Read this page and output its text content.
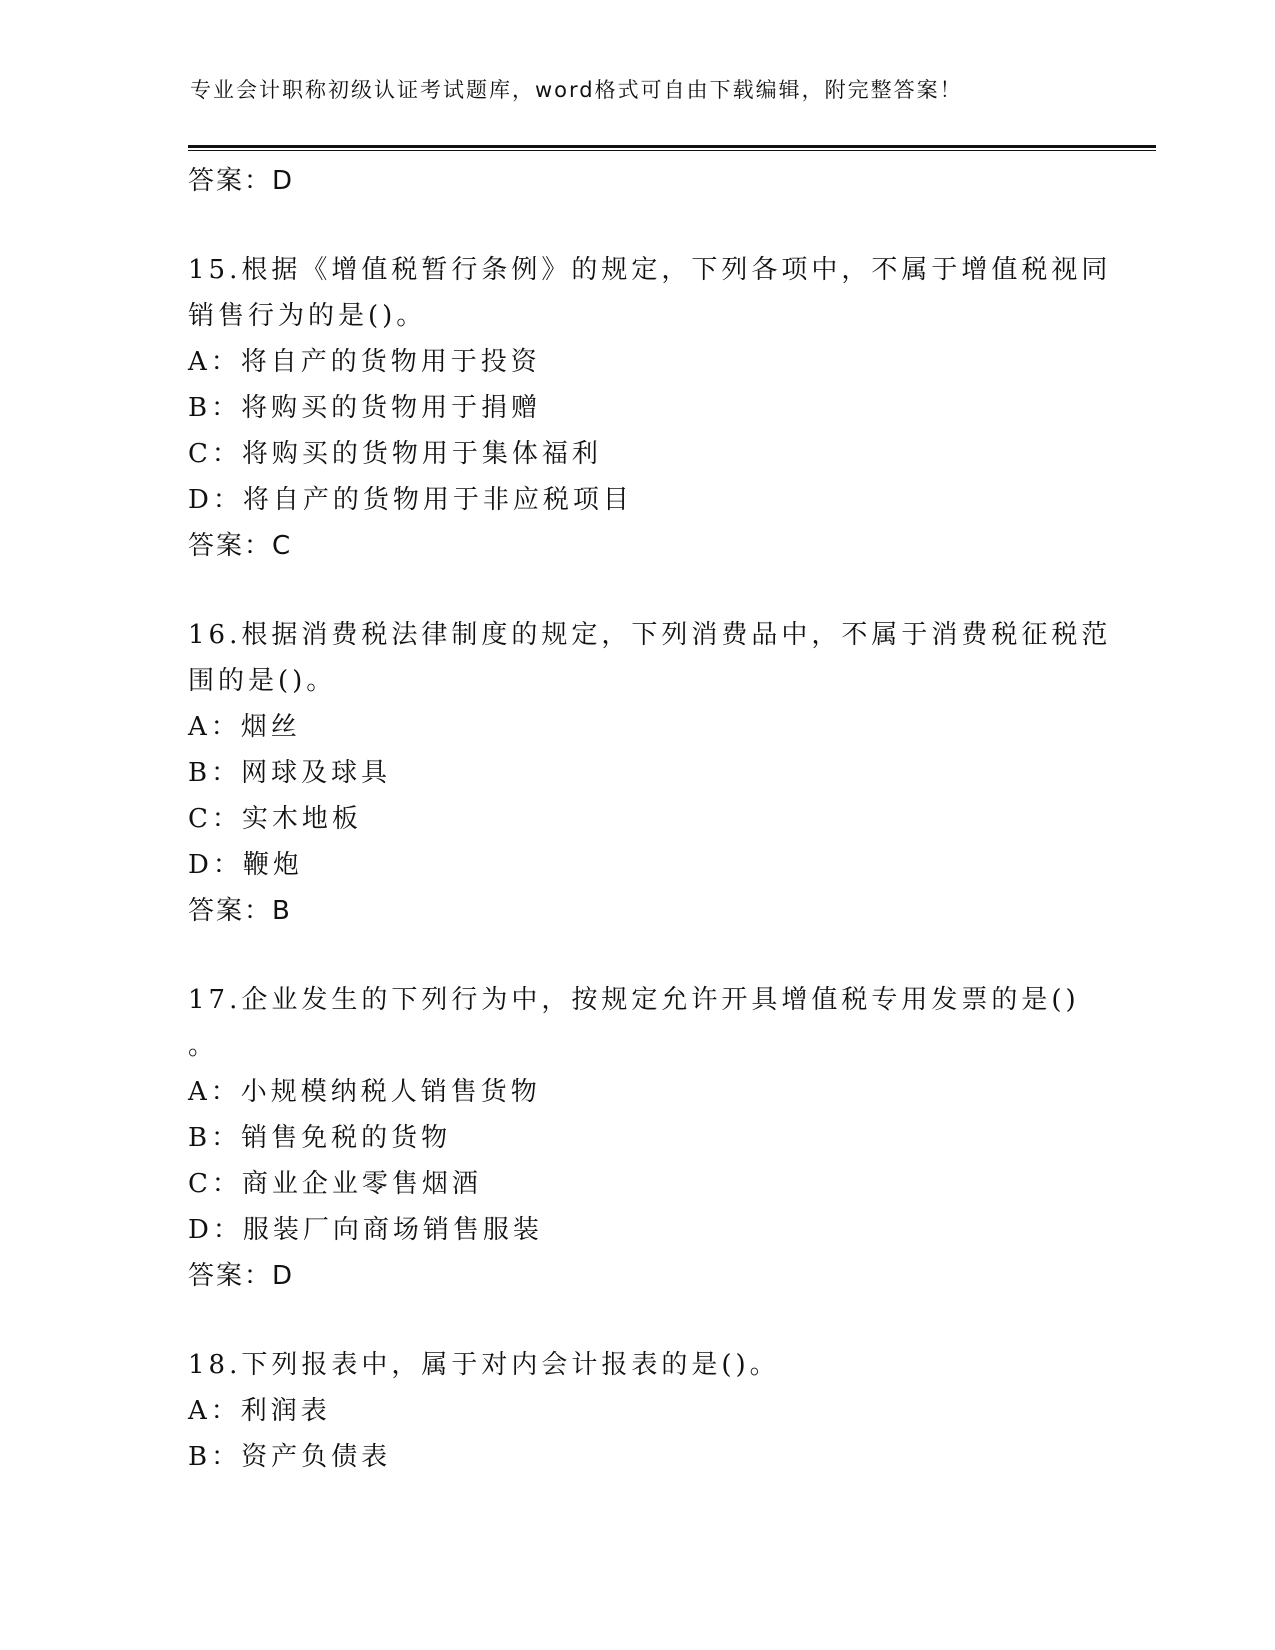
专业会计职称初级认证考试题库，word格式可自由下载编辑，附完整答案！
答案：D
15.根据《增值税暂行条例》的规定，下列各项中，不属于增值税视同
销售行为的是()。
A：将自产的货物用于投资
B：将购买的货物用于捐赠
C：将购买的货物用于集体福利
D：将自产的货物用于非应税项目
答案：C
16.根据消费税法律制度的规定，下列消费品中，不属于消费税征税范
围的是()。
A：烟丝
B：网球及球具
C：实木地板
D：鞭炮
答案：B
17.企业发生的下列行为中，按规定允许开具增值税专用发票的是()
。
A：小规模纳税人销售货物
B：销售免税的货物
C：商业企业零售烟酒
D：服装厂向商场销售服装
答案：D
18.下列报表中，属于对内会计报表的是()。
A：利润表
B：资产负债表
